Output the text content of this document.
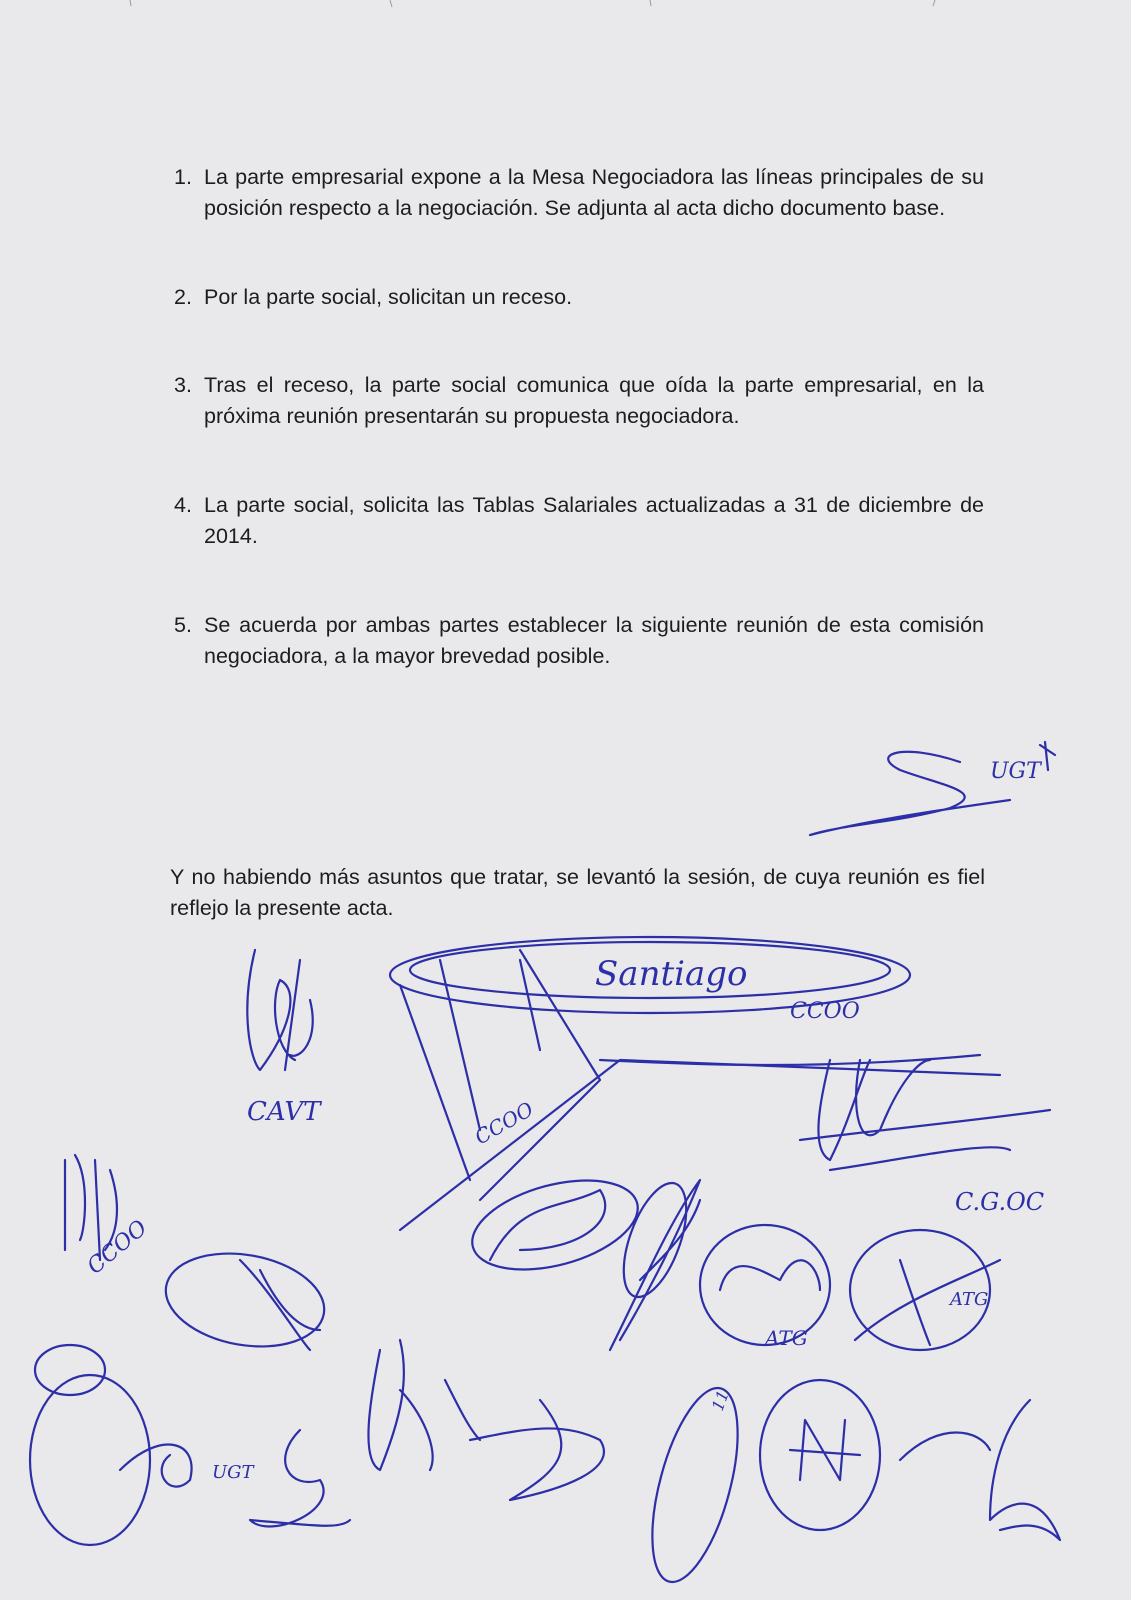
1. La parte empresarial expone a la Mesa Negociadora las líneas principales de su posición respecto a la negociación. Se adjunta al acta dicho documento base.
2. Por la parte social, solicitan un receso.
3. Tras el receso, la parte social comunica que oída la parte empresarial, en la próxima reunión presentarán su propuesta negociadora.
4. La parte social, solicita las Tablas Salariales actualizadas a 31 de diciembre de 2014.
5. Se acuerda por ambas partes establecer la siguiente reunión de esta comisión negociadora, a la mayor brevedad posible.
Y no habiendo más asuntos que tratar, se levantó la sesión, de cuya reunión es fiel reflejo la presente acta.
UGT
Santiago
CCOO
CAVT	CCOO
CCOO
C.G.OC
ATG
ATG
UGT
11
